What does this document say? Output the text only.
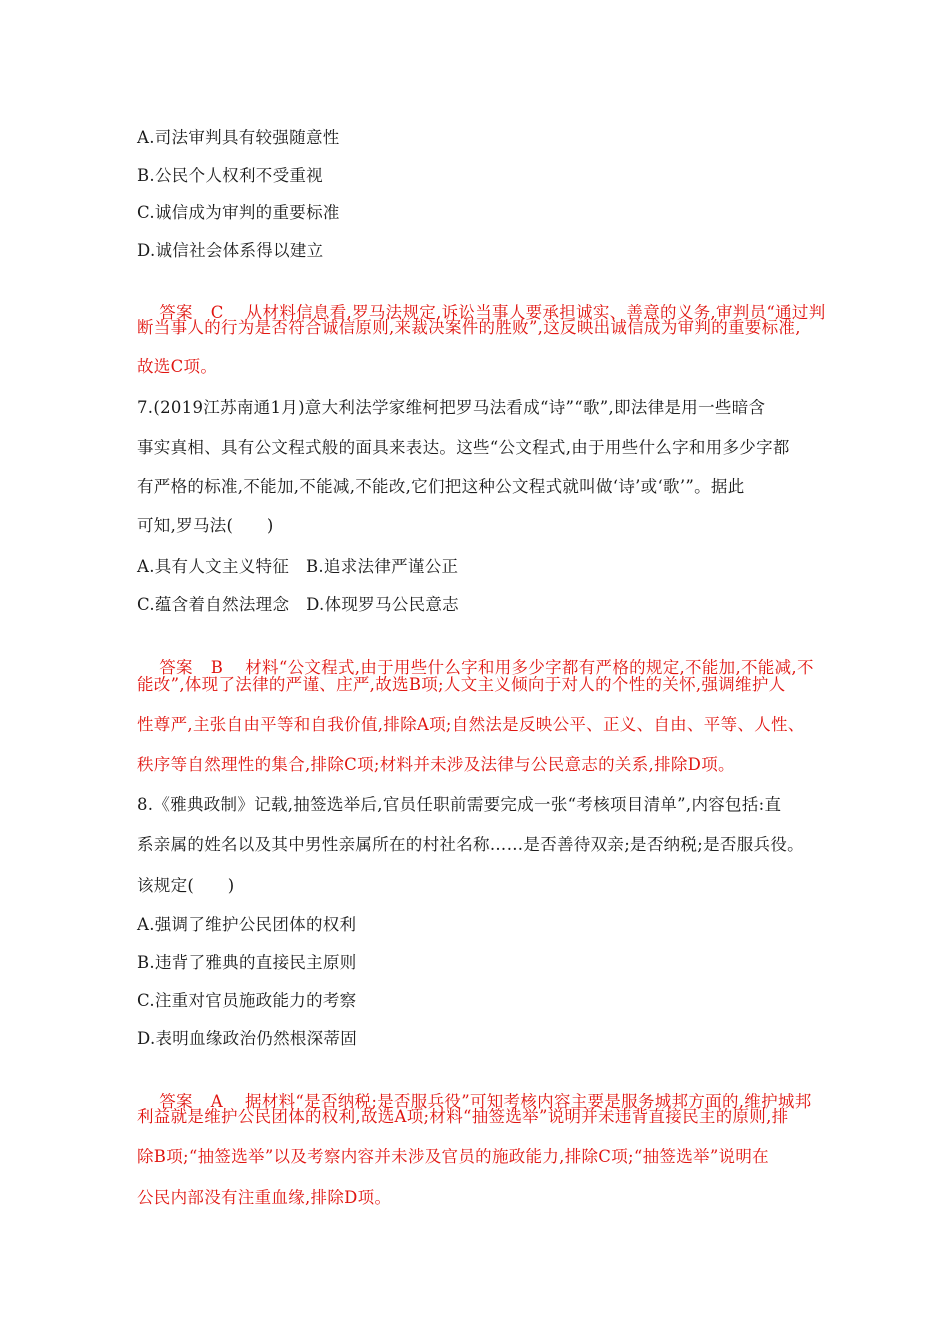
A.司法审判具有较强随意性
B.公民个人权利不受重视
C.诚信成为审判的重要标准
D.诚信社会体系得以建立

答案 C 从材料信息看,罗马法规定,诉讼当事人要承担诚实、善意的义务,审判员“通过判

断当事人的行为是否符合诚信原则,来裁决案件的胜败”,这反映出诚信成为审判的重要标准,
故选C项。
7.(2019江苏南通1月)意大利法学家维柯把罗马法看成“诗”“歌”,即法律是用一些暗含
事实真相、具有公文程式般的面具来表达。这些“公文程式,由于用些什么字和用多少字都
有严格的标准,不能加,不能减,不能改,它们把这种公文程式就叫做‘诗’或‘歌’”。据此
可知,罗马法(　　)
A.具有人文主义特征　B.追求法律严谨公正
C.蕴含着自然法理念　D.体现罗马公民意志

答案 B 材料“公文程式,由于用些什么字和用多少字都有严格的规定,不能加,不能减,不

能改”,体现了法律的严谨、庄严,故选B项;人文主义倾向于对人的个性的关怀,强调维护人
性尊严,主张自由平等和自我价值,排除A项;自然法是反映公平、正义、自由、平等、人性、
秩序等自然理性的集合,排除C项;材料并未涉及法律与公民意志的关系,排除D项。
8.《雅典政制》记载,抽签选举后,官员任职前需要完成一张“考核项目清单”,内容包括:直
系亲属的姓名以及其中男性亲属所在的村社名称……是否善待双亲;是否纳税;是否服兵役。
该规定(　　)
A.强调了维护公民团体的权利
B.违背了雅典的直接民主原则
C.注重对官员施政能力的考察
D.表明血缘政治仍然根深蒂固

答案 A 据材料“是否纳税;是否服兵役”可知考核内容主要是服务城邦方面的,维护城邦

利益就是维护公民团体的权利,故选A项;材料“抽签选举”说明并未违背直接民主的原则,排
除B项;“抽签选举”以及考察内容并未涉及官员的施政能力,排除C项;“抽签选举”说明在
公民内部没有注重血缘,排除D项。
